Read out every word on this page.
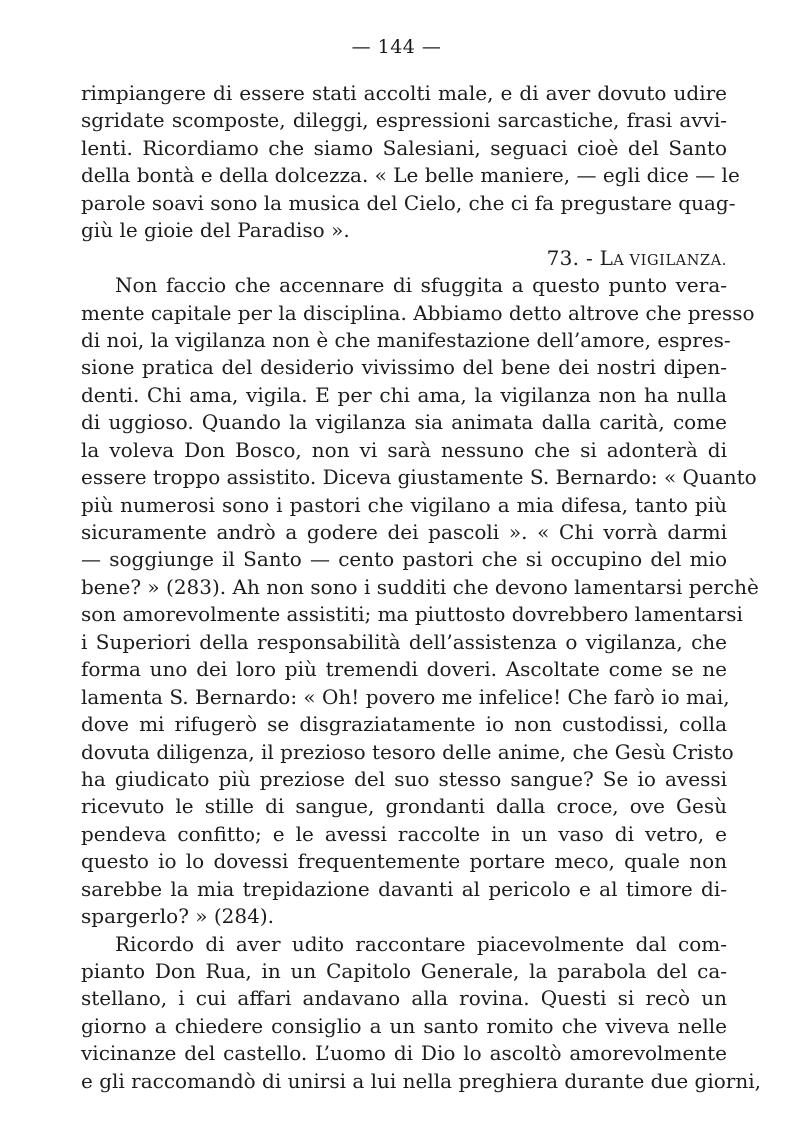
— 144 —
rimpiangere di essere stati accolti male, e di aver dovuto udire
sgridate scomposte, dileggi, espressioni sarcastiche, frasi avvi-
lenti. Ricordiamo che siamo Salesiani, seguaci cioè del Santo
della bontà e della dolcezza. « Le belle maniere, — egli dice — le
parole soavi sono la musica del Cielo, che ci fa pregustare quag-
giù le gioie del Paradiso ».
73. - LA VIGILANZA.
Non faccio che accennare di sfuggita a questo punto vera-
mente capitale per la disciplina. Abbiamo detto altrove che presso
di noi, la vigilanza non è che manifestazione dell’amore, espres-
sione pratica del desiderio vivissimo del bene dei nostri dipen-
denti. Chi ama, vigila. E per chi ama, la vigilanza non ha nulla
di uggioso. Quando la vigilanza sia animata dalla carità, come
la voleva Don Bosco, non vi sarà nessuno che si adonterà di
essere troppo assistito. Diceva giustamente S. Bernardo: « Quanto
più numerosi sono i pastori che vigilano a mia difesa, tanto più
sicuramente andrò a godere dei pascoli ». « Chi vorrà darmi
— soggiunge il Santo — cento pastori che si occupino del mio
bene? » (283). Ah non sono i sudditi che devono lamentarsi perchè
son amorevolmente assistiti; ma piuttosto dovrebbero lamentarsi
i Superiori della responsabilità dell’assistenza o vigilanza, che
forma uno dei loro più tremendi doveri. Ascoltate come se ne
lamenta S. Bernardo: « Oh! povero me infelice! Che farò io mai,
dove mi rifugerò se disgraziatamente io non custodissi, colla
dovuta diligenza, il prezioso tesoro delle anime, che Gesù Cristo
ha giudicato più preziose del suo stesso sangue? Se io avessi
ricevuto le stille di sangue, grondanti dalla croce, ove Gesù
pendeva confitto; e le avessi raccolte in un vaso di vetro, e
questo io lo dovessi frequentemente portare meco, quale non
sarebbe la mia trepidazione davanti al pericolo e al timore di-
spargerlo? » (284).
Ricordo di aver udito raccontare piacevolmente dal com-
pianto Don Rua, in un Capitolo Generale, la parabola del ca-
stellano, i cui affari andavano alla rovina. Questi si recò un
giorno a chiedere consiglio a un santo romito che viveva nelle
vicinanze del castello. L’uomo di Dio lo ascoltò amorevolmente
e gli raccomandò di unirsi a lui nella preghiera durante due giorni,
